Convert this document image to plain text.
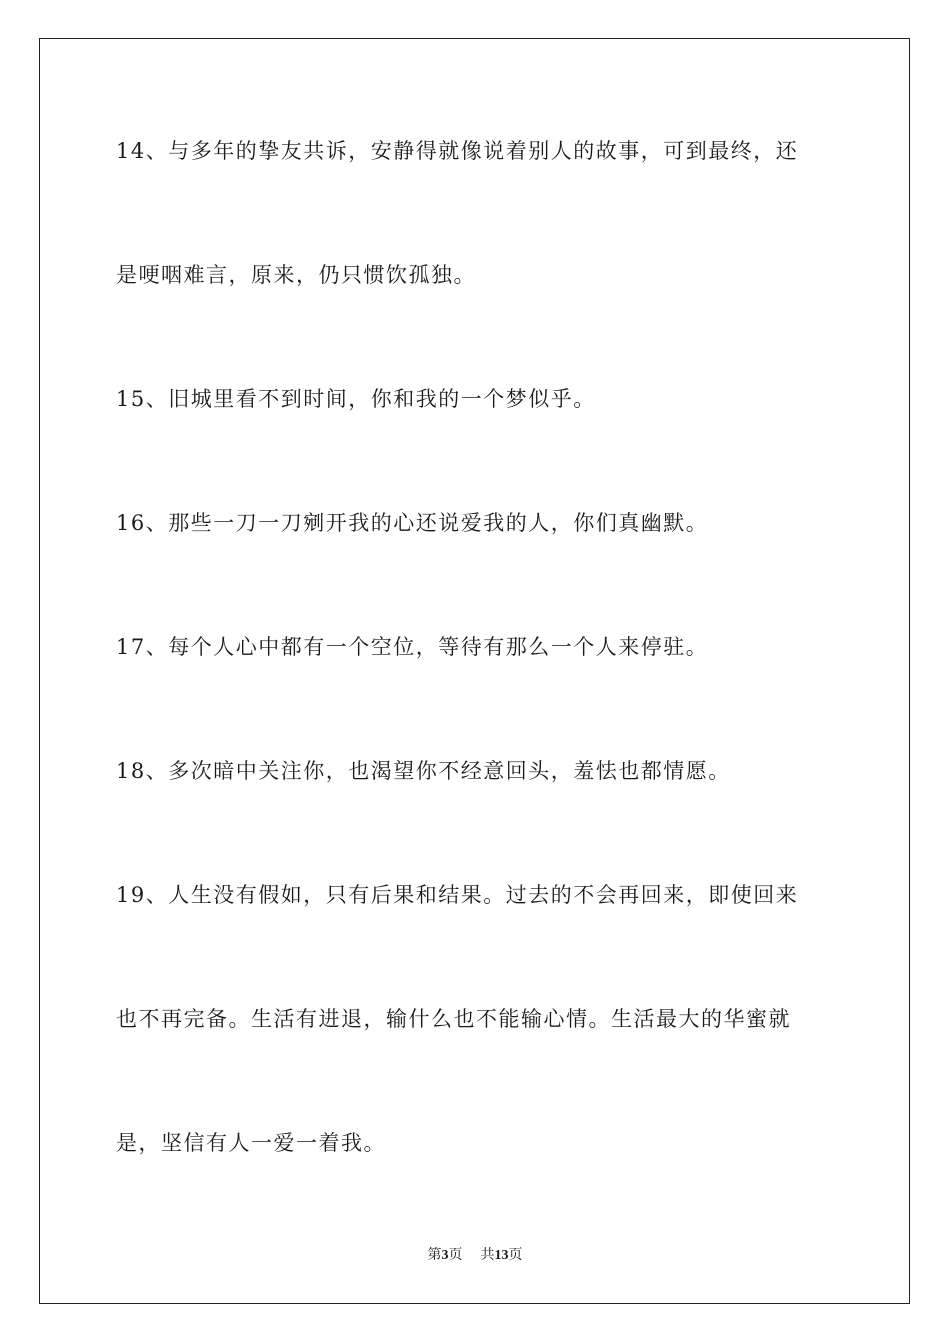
14、与多年的挚友共诉，安静得就像说着别人的故事，可到最终，还
是哽咽难言，原来，仍只惯饮孤独。
15、旧城里看不到时间，你和我的一个梦似乎。
16、那些一刀一刀剜开我的心还说爱我的人，你们真幽默。
17、每个人心中都有一个空位，等待有那么一个人来停驻。
18、多次暗中关注你，也渴望你不经意回头，羞怯也都情愿。
19、人生没有假如，只有后果和结果。过去的不会再回来，即使回来
也不再完备。生活有进退，输什么也不能输心情。生活最大的华蜜就
是，坚信有人一爱一着我。
第3页 共13页
